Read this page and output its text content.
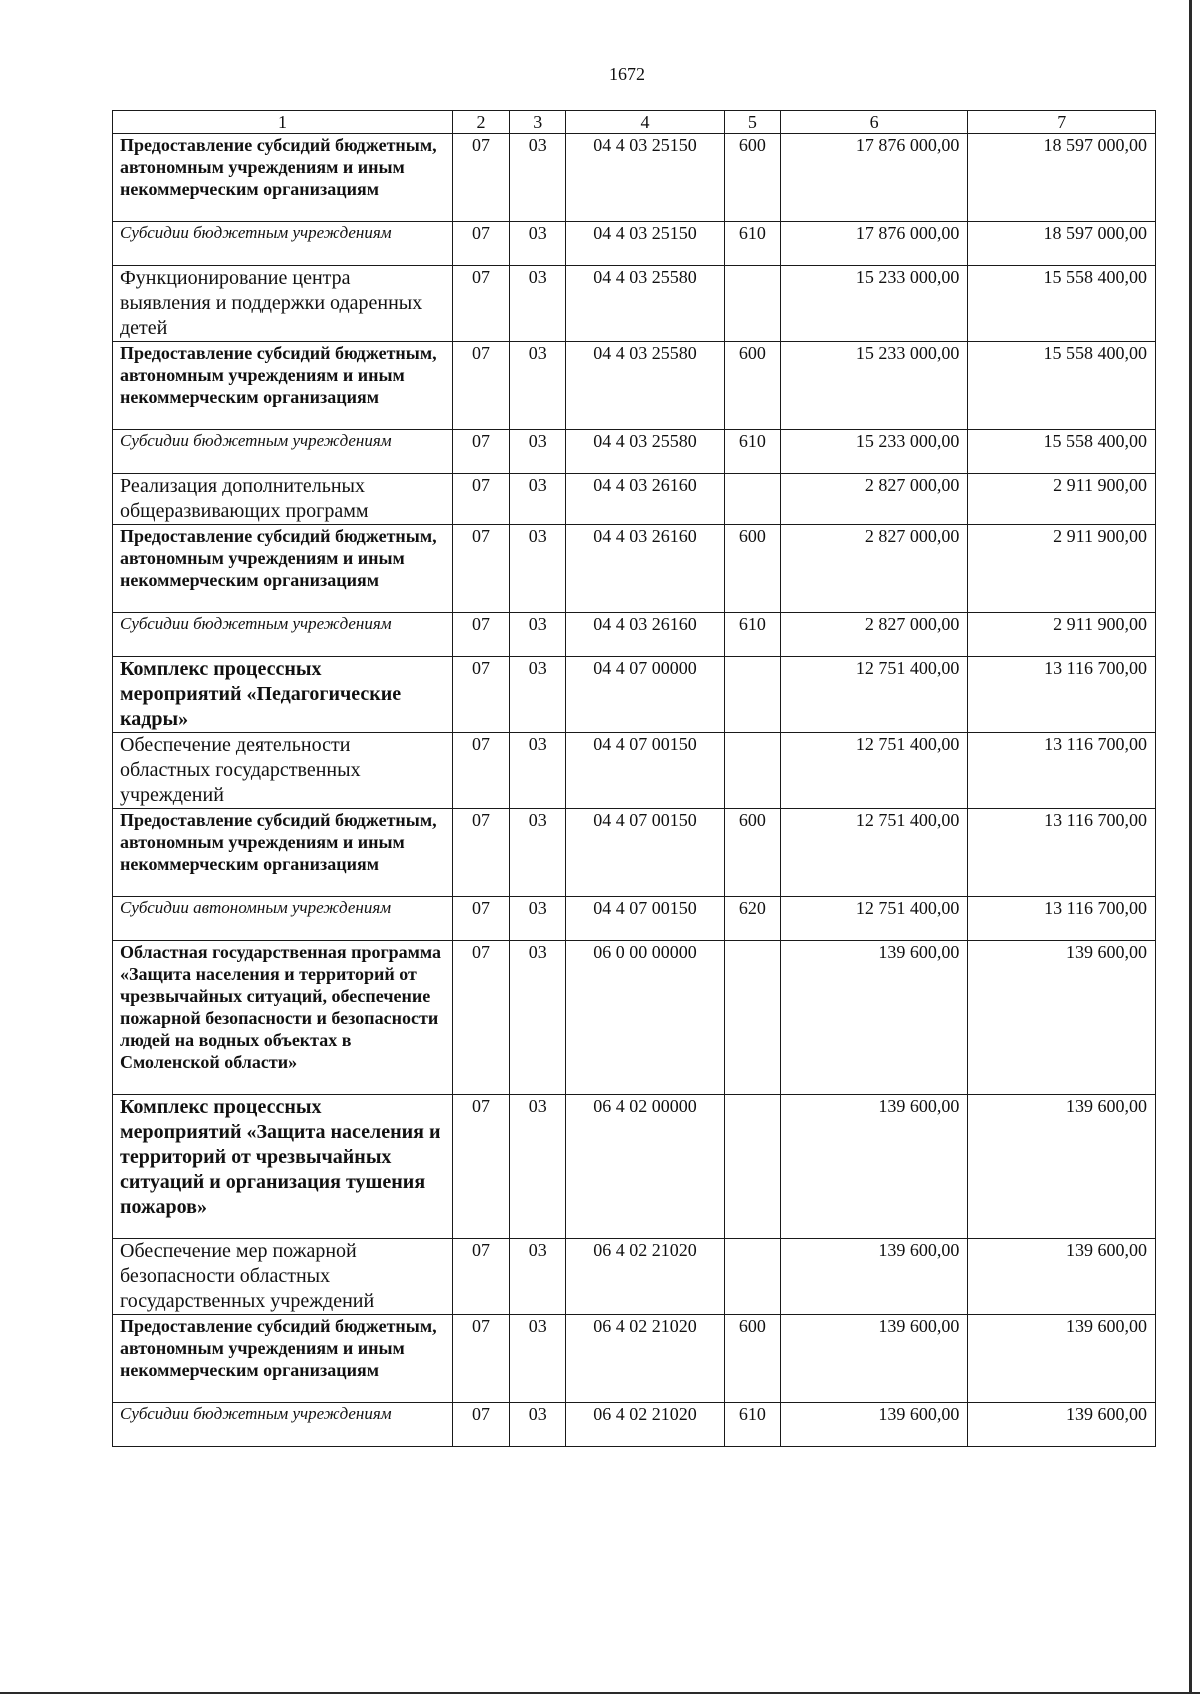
1672
1	2	3	4	5	6	7
Предоставление субсидий бюджетным, автономным учреждениям и иным некоммерческим организациям	07	03	04 4 03 25150	600	17 876 000,00	18 597 000,00
Субсидии бюджетным учреждениям	07	03	04 4 03 25150	610	17 876 000,00	18 597 000,00
Функционирование центра выявления и поддержки одаренных детей	07	03	04 4 03 25580		15 233 000,00	15 558 400,00
Предоставление субсидий бюджетным, автономным учреждениям и иным некоммерческим организациям	07	03	04 4 03 25580	600	15 233 000,00	15 558 400,00
Субсидии бюджетным учреждениям	07	03	04 4 03 25580	610	15 233 000,00	15 558 400,00
Реализация дополнительных общеразвивающих программ	07	03	04 4 03 26160		2 827 000,00	2 911 900,00
Предоставление субсидий бюджетным, автономным учреждениям и иным некоммерческим организациям	07	03	04 4 03 26160	600	2 827 000,00	2 911 900,00
Субсидии бюджетным учреждениям	07	03	04 4 03 26160	610	2 827 000,00	2 911 900,00
Комплекс процессных мероприятий «Педагогические кадры»	07	03	04 4 07 00000		12 751 400,00	13 116 700,00
Обеспечение деятельности областных государственных учреждений	07	03	04 4 07 00150		12 751 400,00	13 116 700,00
Предоставление субсидий бюджетным, автономным учреждениям и иным некоммерческим организациям	07	03	04 4 07 00150	600	12 751 400,00	13 116 700,00
Субсидии автономным учреждениям	07	03	04 4 07 00150	620	12 751 400,00	13 116 700,00
Областная государственная программа «Защита населения и территорий от чрезвычайных ситуаций, обеспечение пожарной безопасности и безопасности людей на водных объектах в Смоленской области»	07	03	06 0 00 00000		139 600,00	139 600,00
Комплекс процессных мероприятий «Защита населения и территорий от чрезвычайных ситуаций и организация тушения пожаров»	07	03	06 4 02 00000		139 600,00	139 600,00
Обеспечение мер пожарной безопасности областных государственных учреждений	07	03	06 4 02 21020		139 600,00	139 600,00
Предоставление субсидий бюджетным, автономным учреждениям и иным некоммерческим организациям	07	03	06 4 02 21020	600	139 600,00	139 600,00
Субсидии бюджетным учреждениям	07	03	06 4 02 21020	610	139 600,00	139 600,00
